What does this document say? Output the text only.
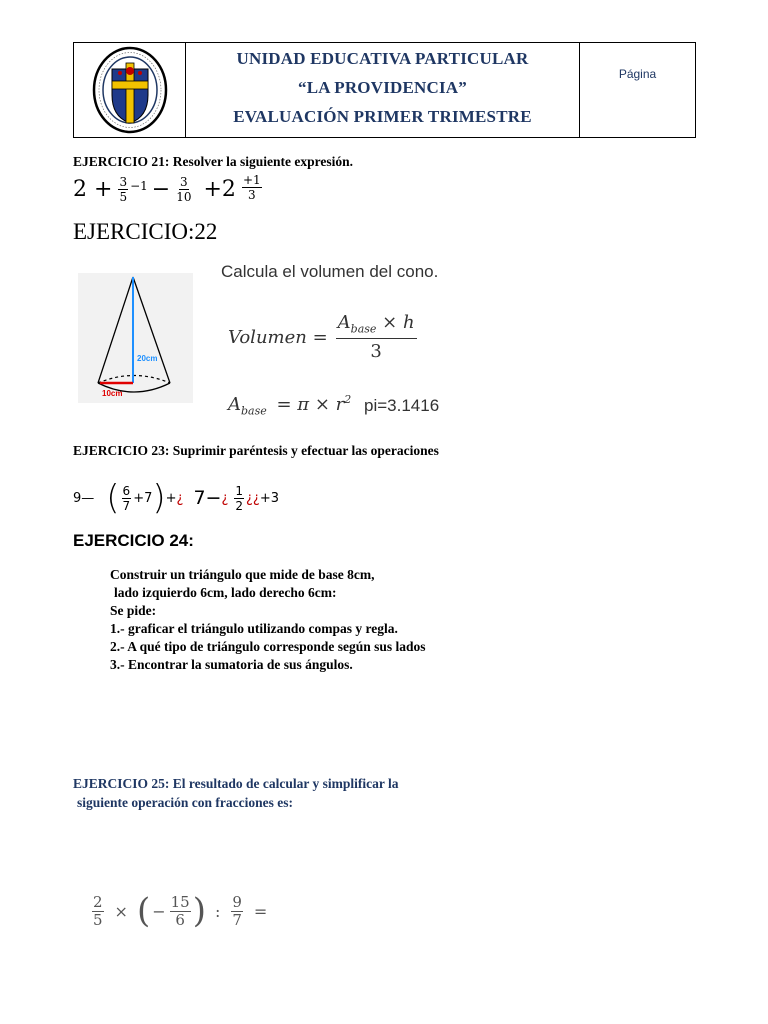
UNIDAD EDUCATIVA PARTICULAR
“LA PROVIDENCIA”
EVALUACIÓN PRIMER TRIMESTRE
Página
EJERCICIO 21: Resolver la siguiente expresión.
$2 + \frac{3}{5} -1 - \frac{3}{10} +2 \frac{+1}{3}$
EJERCICIO:22
20cm
10cm
Calcula el volumen del cono.
Volumen = $\frac{A_{base} \times h}{3}$
$A_{base} = \pi \times r^2$ pi=3.1416
EJERCICIO 23: Suprimir paréntesis y efectuar las operaciones
9— ( $\frac{6}{7} +7$ ) + ¿ 7− ¿ $\frac{1}{2}$ ¿¿ +3
EJERCICIO 24:
Construir un triángulo que mide de base 8cm,
lado izquierdo 6cm, lado derecho 6cm:
Se pide:
1.- graficar el triángulo utilizando compas y regla.
2.- A qué tipo de triángulo corresponde según sus lados
3.- Encontrar la sumatoria de sus ángulos.
EJERCICIO 25: El resultado de calcular y simplificar la
siguiente operación con fracciones es:
$\frac{2}{5}$ × ( − $\frac{15}{6}$ ) : $\frac{9}{7}$ =
